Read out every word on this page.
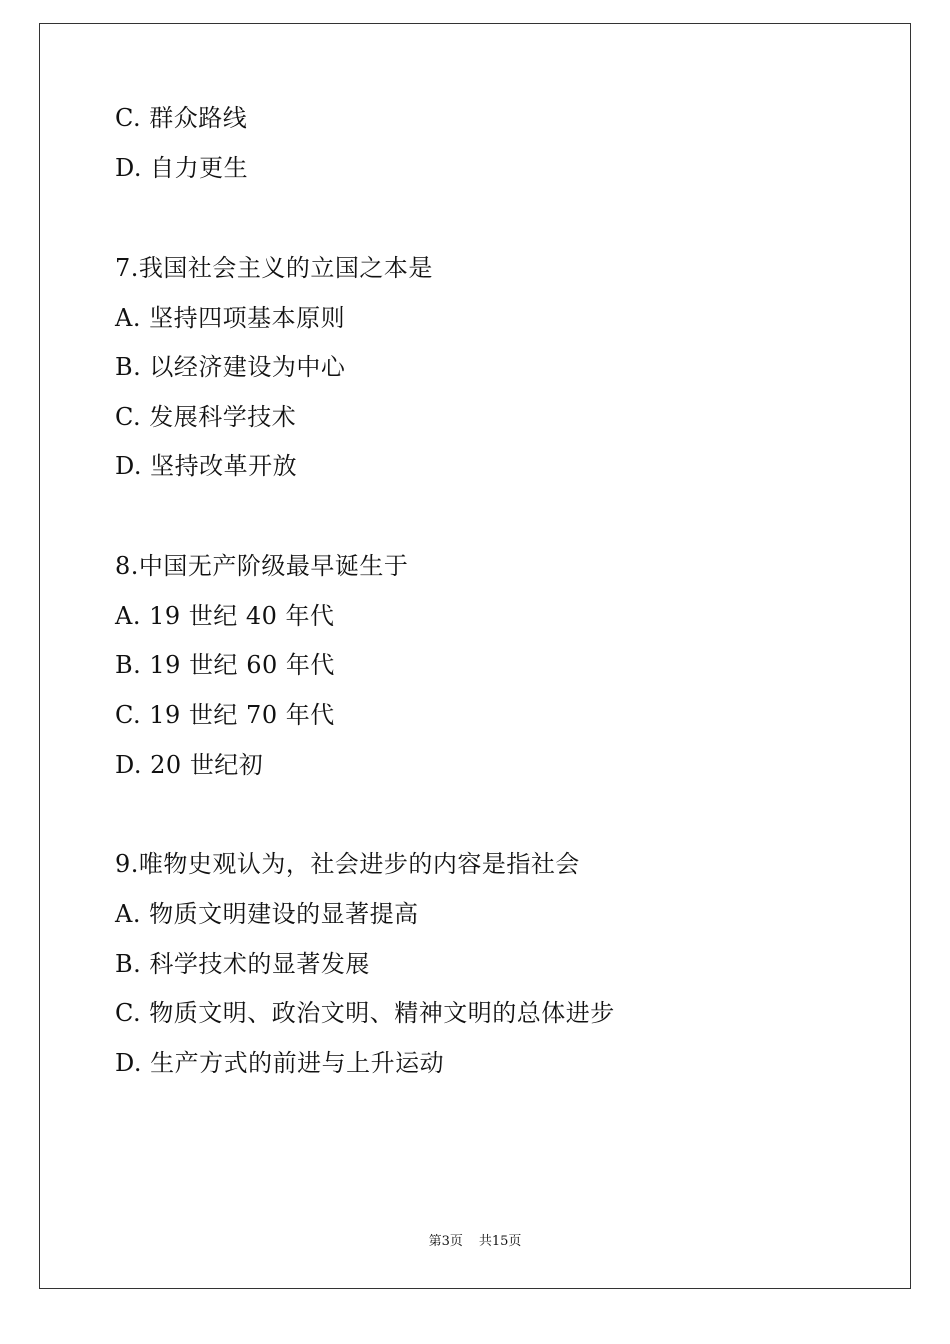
C. 群众路线
D. 自力更生
7.我国社会主义的立国之本是
A. 坚持四项基本原则
B. 以经济建设为中心
C. 发展科学技术
D. 坚持改革开放
8.中国无产阶级最早诞生于
A. 19 世纪 40 年代
B. 19 世纪 60 年代
C. 19 世纪 70 年代
D. 20 世纪初
9.唯物史观认为，社会进步的内容是指社会
A. 物质文明建设的显著提高
B. 科学技术的显著发展
C. 物质文明、政治文明、精神文明的总体进步
D. 生产方式的前进与上升运动
第3页 共15页
